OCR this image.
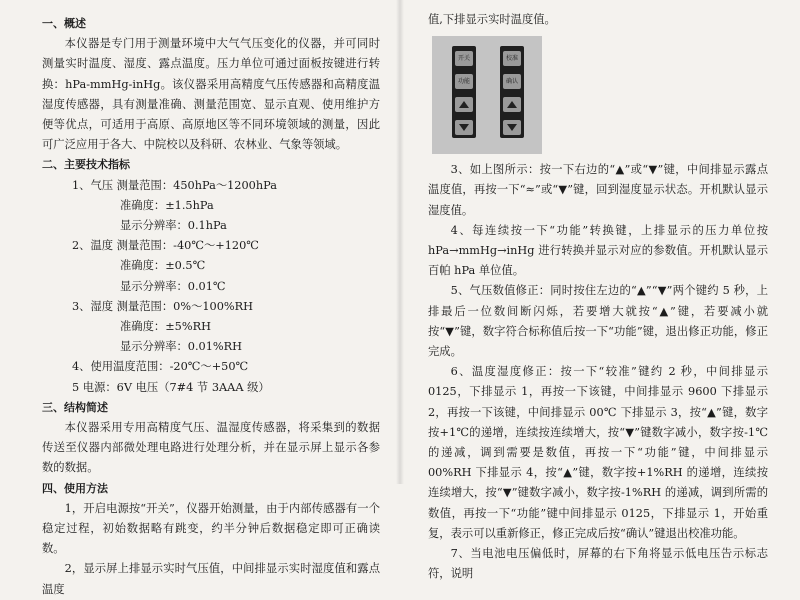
一、概述

本仪器是专门用于测量环境中大气气压变化的仪器，并可同时测量实时温度、湿度、露点温度。压力单位可通过面板按键进行转换：hPa-mmHg-inHg。该仪器采用高精度气压传感器和高精度温湿度传感器，具有测量准确、测量范围宽、显示直观、使用维护方便等优点，可适用于高原、高原地区等不同环境领域的测量，因此可广泛应用于各大、中院校以及科研、农林业、气象等领域。

二、主要技术指标
1、气压 测量范围：450hPa～1200hPa
准确度：±1.5hPa
显示分辨率：0.1hPa
2、温度 测量范围：-40℃～+120℃
准确度：±0.5℃
显示分辨率：0.01℃
3、湿度 测量范围：0%～100%RH
准确度：±5%RH
显示分辨率：0.01%RH
4、使用温度范围：-20℃～+50℃
5 电源：6V 电压（7#4 节 3AAA 级）
三、结构简述

本仪器采用专用高精度气压、温湿度传感器，将采集到的数据传送至仪器内部微处理电路进行处理分析，并在显示屏上显示各参数的数据。

四、使用方法

1，开启电源按“开关”，仪器开始测量，由于内部传感器有一个稳定过程，初始数据略有跳变，约半分钟后数据稳定即可正确读数。

2，显示屏上排显示实时气压值，中间排显示实时湿度值和露点温度

值,下排显示实时温度值。
开关
功能
校准
确认

3、如上图所示：按一下右边的“▲”或“▼”键，中间排显示露点温度值，再按一下“≈”或“▼”键，回到湿度显示状态。开机默认显示湿度值。

4、每连续按一下“功能”转换键，上排显示的压力单位按hPa→mmHg→inHg 进行转换并显示对应的参数值。开机默认显示百帕 hPa 单位值。

5、气压数值修正：同时按住左边的“▲”“▼”两个键约 5 秒，上排最后一位数间断闪烁，若要增大就按“▲”键，若要减小就按“▼”键，数字符合标称值后按一下“功能”键，退出修正功能，修正完成。

6、温度湿度修正：按一下“较准”键约 2 秒，中间排显示 0125，下排显示 1，再按一下该键，中间排显示 9600 下排显示 2，再按一下该键，中间排显示 00℃ 下排显示 3，按“▲”键，数字按+1℃的递增，连续按连续增大，按“▼”键数字减小，数字按-1℃的递减，调到需要是数值，再按一下“功能”键，中间排显示 00%RH 下排显示 4，按“▲”键，数字按+1%RH 的递增，连续按连续增大，按“▼”键数字减小，数字按-1%RH 的递减，调到所需的数值，再按一下“功能”键中间排显示 0125，下排显示 1，开始重复，表示可以重新修正，修正完成后按“确认”键退出校准功能。

7、当电池电压偏低时，屏幕的右下角将显示低电压告示标志符，说明
